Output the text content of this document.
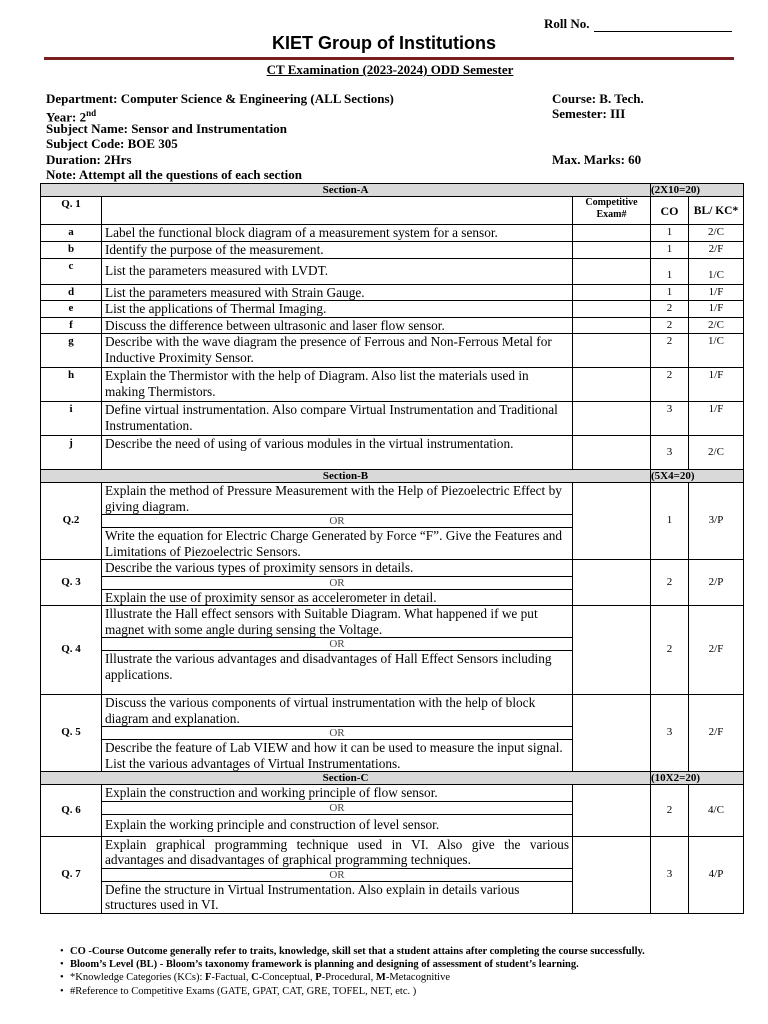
Roll No.
KIET Group of Institutions
CT Examination (2023-2024) ODD Semester
Department: Computer Science & Engineering (ALL Sections)	Course: B. Tech.
Year: 2nd	Semester: III
Subject Name: Sensor and Instrumentation
Subject Code: BOE 305
Duration: 2Hrs	Max. Marks: 60
Note: Attempt all the questions of each section
Section-A			(2X10=20)	
Q. 1		Competitive Exam#	CO	BL/ KC*
a	Label the functional block diagram of a measurement system for a sensor.		1	2/C
b	Identify the purpose of the measurement.		1	2/F
c	List the parameters measured with LVDT.		1	1/C
d	List the parameters measured with Strain Gauge.		1	1/F
e	List the applications of Thermal Imaging.		2	1/F
f	Discuss the difference between ultrasonic and laser flow sensor.		2	2/C
g	Describe with the wave diagram the presence of Ferrous and Non-Ferrous Metal for Inductive Proximity Sensor.		2	1/C
h	Explain the Thermistor with the help of Diagram. Also list the materials used in making Thermistors.		2	1/F
i	Define virtual instrumentation. Also compare Virtual Instrumentation and Traditional Instrumentation.		3	1/F
j	Describe the need of using of various modules in the virtual instrumentation.		3	2/C
Section-B			(5X4=20)	
Q.2	Explain the method of Pressure Measurement with the Help of Piezoelectric Effect by giving diagram.		1	3/P
	OR			
	Write the equation for Electric Charge Generated by Force “F”. Give the Features and Limitations of Piezoelectric Sensors.			
Q. 3	Describe the various types of proximity sensors in details.		2	2/P
	OR			
	Explain the use of proximity sensor as accelerometer in detail.			
Q. 4	Illustrate the Hall effect sensors with Suitable Diagram. What happened if we put magnet with some angle during sensing the Voltage.		2	2/F
	OR			
	Illustrate the various advantages and disadvantages of Hall Effect Sensors including applications.			
Q. 5	Discuss the various components of virtual instrumentation with the help of block diagram and explanation.		3	2/F
	OR			
	Describe the feature of Lab VIEW and how it can be used to measure the input signal. List the various advantages of Virtual Instrumentations.			
Section-C			(10X2=20)	
Q. 6	Explain the construction and working principle of flow sensor.		2	4/C
	OR			
	Explain the working principle and construction of level sensor.			
Q. 7	Explain graphical programming technique used in VI. Also give the various advantages and disadvantages of graphical programming techniques.		3	4/P
	OR			
	Define the structure in Virtual Instrumentation. Also explain in details various structures used in VI.			
• CO -Course Outcome generally refer to traits, knowledge, skill set that a student attains after completing the course successfully.
• Bloom’s Level (BL) - Bloom’s taxonomy framework is planning and designing of assessment of student’s learning.
• *Knowledge Categories (KCs): F-Factual, C-Conceptual, P-Procedural, M-Metacognitive
• #Reference to Competitive Exams (GATE, GPAT, CAT, GRE, TOFEL, NET, etc. )
